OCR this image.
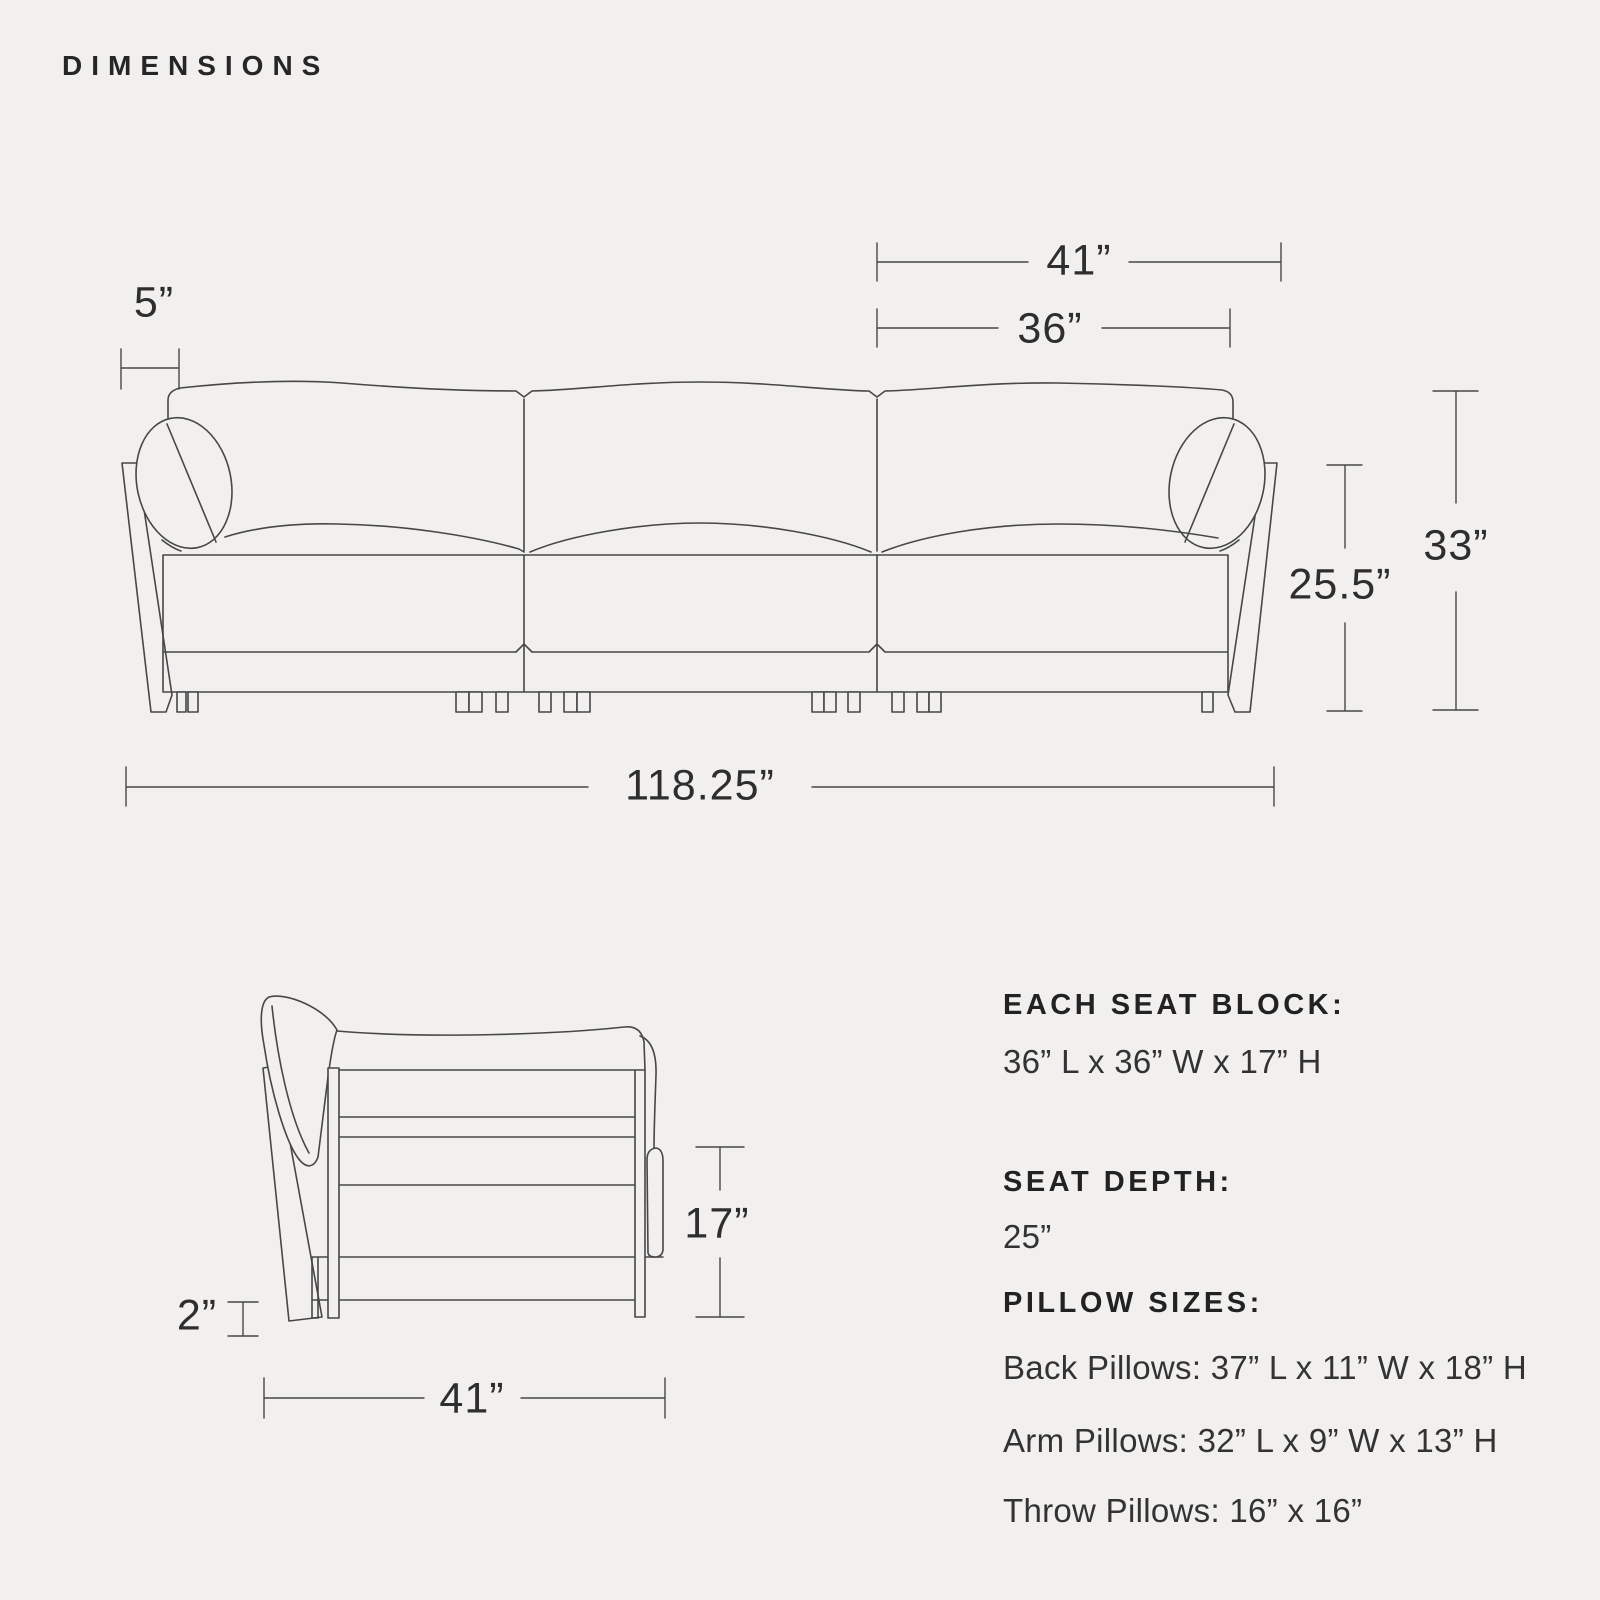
DIMENSIONS
5”
41”
36”
118.25”
25.5”
33”
2”
17”
41”
EACH SEAT BLOCK:
36” L x 36” W x 17” H
SEAT DEPTH:
25”
PILLOW SIZES:
Back Pillows: 37” L x 11” W x 18” H
Arm Pillows: 32” L x 9” W x 13” H
Throw Pillows: 16” x 16”
